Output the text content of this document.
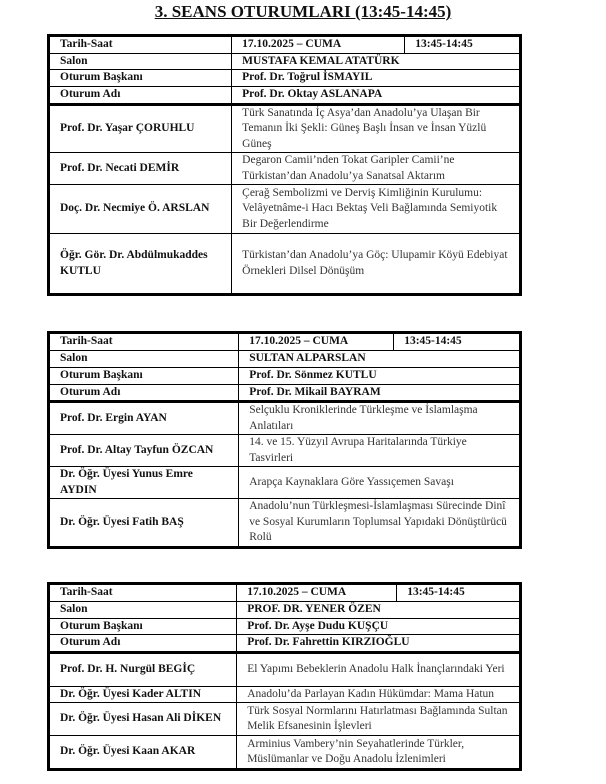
3. SEANS OTURUMLARI (13:45-14:45)
Tarih-Saat	17.10.2025 – CUMA	13:45-14:45
Salon	MUSTAFA KEMAL ATATÜRK	
Oturum Başkanı	Prof. Dr. Toğrul İSMAYIL	
Oturum Adı	Prof. Dr. Oktay ASLANAPA	
Prof. Dr. Yaşar ÇORUHLU	Türk Sanatında İç Asya’dan Anadolu’ya Ulaşan Bir Temanın İki Şekli: Güneş Başlı İnsan ve İnsan Yüzlü Güneş	
Prof. Dr. Necati DEMİR	Degaron Camii’nden Tokat Garipler Camii’ne Türkistan’dan Anadolu’ya Sanatsal Aktarım	
Doç. Dr. Necmiye Ö. ARSLAN	Çerağ Sembolizmi ve Derviş Kimliğinin Kurulumu: Velâyetnâme-i Hacı Bektaş Veli Bağlamında Semiyotik Bir Değerlendirme	
Öğr. Gör. Dr. Abdülmukaddes KUTLU	Türkistan’dan Anadolu’ya Göç: Ulupamir Köyü Edebiyat Örnekleri Dilsel Dönüşüm	
Tarih-Saat	17.10.2025 – CUMA	13:45-14:45
Salon	SULTAN ALPARSLAN	
Oturum Başkanı	Prof. Dr. Sönmez KUTLU	
Oturum Adı	Prof. Dr. Mikail BAYRAM	
Prof. Dr. Ergin AYAN	Selçuklu Kroniklerinde Türkleşme ve İslamlaşma Anlatıları	
Prof. Dr. Altay Tayfun ÖZCAN	14. ve 15. Yüzyıl Avrupa Haritalarında Türkiye Tasvirleri	
Dr. Öğr. Üyesi Yunus Emre AYDIN	Arapça Kaynaklara Göre Yassıçemen Savaşı	
Dr. Öğr. Üyesi Fatih BAŞ	Anadolu’nun Türkleşmesi-İslamlaşması Sürecinde Dinî ve Sosyal Kurumların Toplumsal Yapıdaki Dönüştürücü Rolü	
Tarih-Saat	17.10.2025 – CUMA	13:45-14:45
Salon	PROF. DR. YENER ÖZEN	
Oturum Başkanı	Prof. Dr. Ayşe Dudu KUŞÇU	
Oturum Adı	Prof. Dr. Fahrettin KIRZIOĞLU	
Prof. Dr. H. Nurgül BEGİÇ	El Yapımı Bebeklerin Anadolu Halk İnançlarındaki Yeri	
Dr. Öğr. Üyesi Kader ALTIN	Anadolu’da Parlayan Kadın Hükümdar: Mama Hatun	
Dr. Öğr. Üyesi Hasan Ali DİKEN	Türk Sosyal Normlarını Hatırlatması Bağlamında Sultan Melik Efsanesinin İşlevleri	
Dr. Öğr. Üyesi Kaan AKAR	Arminius Vambery’nin Seyahatlerinde Türkler, Müslümanlar ve Doğu Anadolu İzlenimleri	
